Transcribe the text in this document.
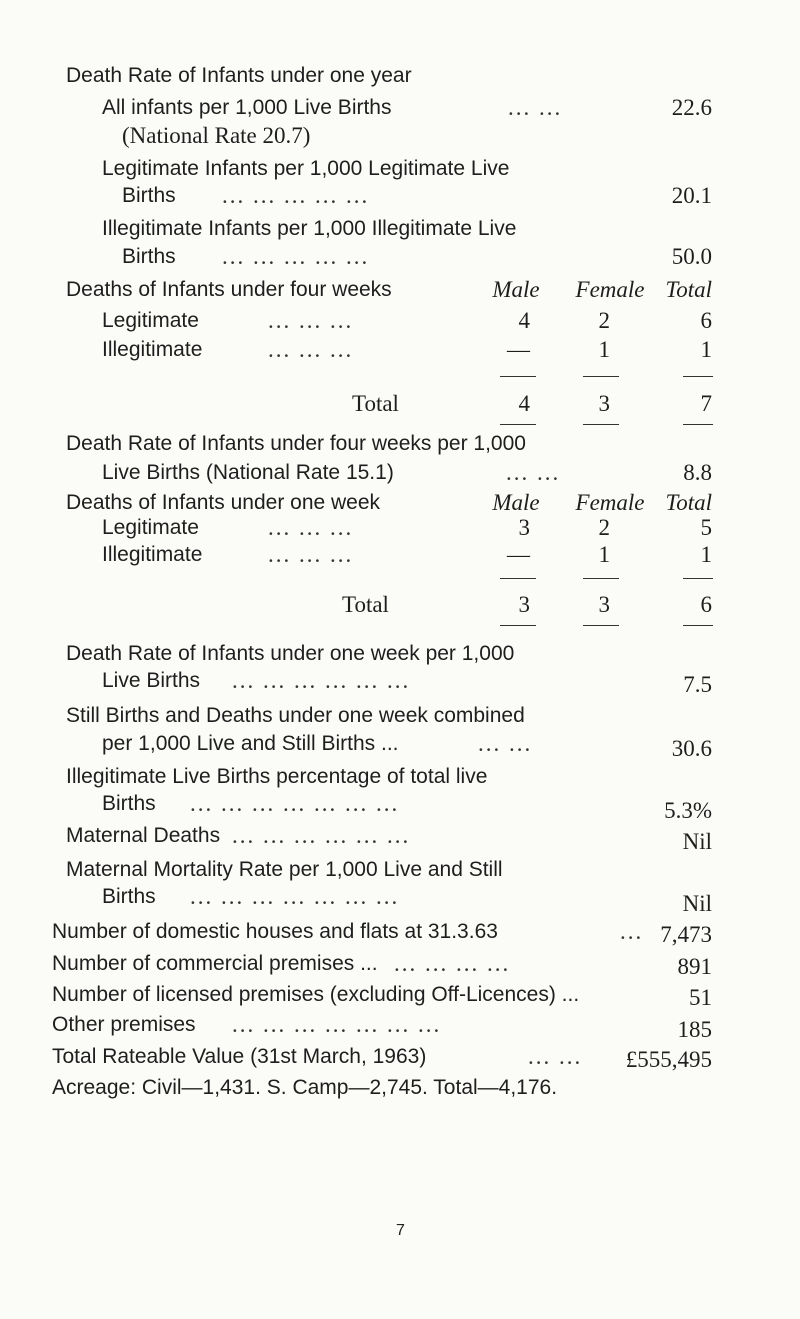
Death Rate of Infants under one year
All infants per 1,000 Live Births	... ...	22.6
(National Rate 20.7)
Legitimate Infants per 1,000 Legitimate Live
Births ... ... ... ... ...	20.1
Illegitimate Infants per 1,000 Illegitimate Live
Births ... ... ... ... ...	50.0
Deaths of Infants under four weeks	Male	Female Total
Legitimate	... ... ...	4	2	6
Illegitimate	... ... ...	—	1	1
Total	4	3	7
Death Rate of Infants under four weeks per 1,000
Live Births (National Rate 15.1)	... ...	8.8
Deaths of Infants under one week	Male	Female Total
Legitimate	... ... ...	3	2	5
Illegitimate	... ... ...	—	1	1
Total	3	3	6
Death Rate of Infants under one week per 1,000
Live Births ... ... ... ... ... ...	7.5
Still Births and Deaths under one week combined
per 1,000 Live and Still Births ...	... ...	30.6
Illegitimate Live Births percentage of total live
Births ... ... ... ... ... ... ...	5.3%
Maternal Deaths ... ... ... ... ... ...	Nil
Maternal Mortality Rate per 1,000 Live and Still
Births ... ... ... ... ... ... ...	Nil
Number of domestic houses and flats at 31.3.63	... 7,473
Number of commercial premises ... ... ... ... ...	891
Number of licensed premises (excluding Off-Licences) ...	51
Other premises ... ... ... ... ... ... ...	185
Total Rateable Value (31st March, 1963)	... ...	£555,495
Acreage: Civil—1,431. S. Camp—2,745. Total—4,176.
7
